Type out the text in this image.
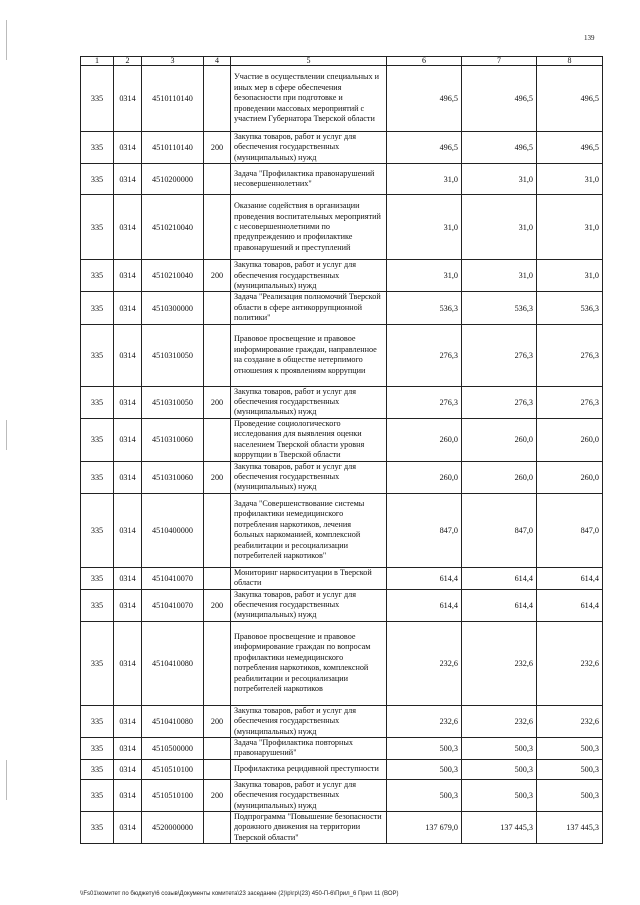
139
1	2	3	4	5	6	7	8
335	0314	4510110140		Участие в осуществлении специальных и иных мер в сфере обеспечения безопасности при подготовке и проведении массовых мероприятий с участием Губернатора Тверской области	496,5	496,5	496,5
335	0314	4510110140	200	Закупка товаров, работ и услуг для обеспечения государственных (муниципальных) нужд	496,5	496,5	496,5
335	0314	4510200000		Задача "Профилактика правонарушений несовершеннолетних"	31,0	31,0	31,0
335	0314	4510210040		Оказание содействия в организации проведения воспитательных мероприятий с несовершеннолетними по предупреждению и профилактике правонарушений и преступлений	31,0	31,0	31,0
335	0314	4510210040	200	Закупка товаров, работ и услуг для обеспечения государственных (муниципальных) нужд	31,0	31,0	31,0
335	0314	4510300000		Задача "Реализация полномочий Тверской области в сфере антикоррупционной политики"	536,3	536,3	536,3
335	0314	4510310050		Правовое просвещение и правовое информирование граждан, направленное на создание в обществе нетерпимого отношения к проявлениям коррупции	276,3	276,3	276,3
335	0314	4510310050	200	Закупка товаров, работ и услуг для обеспечения государственных (муниципальных) нужд	276,3	276,3	276,3
335	0314	4510310060		Проведение социологического исследования для выявления оценки населением Тверской области уровня коррупции в Тверской области	260,0	260,0	260,0
335	0314	4510310060	200	Закупка товаров, работ и услуг для обеспечения государственных (муниципальных) нужд	260,0	260,0	260,0
335	0314	4510400000		Задача "Совершенствование системы профилактики немедицинского потребления наркотиков, лечения больных наркоманией, комплексной реабилитации и ресоциализации потребителей наркотиков"	847,0	847,0	847,0
335	0314	4510410070		Мониторинг наркоситуации в Тверской области	614,4	614,4	614,4
335	0314	4510410070	200	Закупка товаров, работ и услуг для обеспечения государственных (муниципальных) нужд	614,4	614,4	614,4
335	0314	4510410080		Правовое просвещение и правовое информирование граждан по вопросам профилактики немедицинского потребления наркотиков, комплексной реабилитации и ресоциализации потребителей наркотиков	232,6	232,6	232,6
335	0314	4510410080	200	Закупка товаров, работ и услуг для обеспечения государственных (муниципальных) нужд	232,6	232,6	232,6
335	0314	4510500000		Задача "Профилактика повторных правонарушений"	500,3	500,3	500,3
335	0314	4510510100		Профилактика рецидивной преступности	500,3	500,3	500,3
335	0314	4510510100	200	Закупка товаров, работ и услуг для обеспечения государственных (муниципальных) нужд	500,3	500,3	500,3
335	0314	4520000000		Подпрограмма "Повышение безопасности дорожного движения на территории Тверской области"	137 679,0	137 445,3	137 445,3
\\Fs01\комитет по бюджету\6 созыв\Документы комитета\23 заседание (2)\р\гр\(23) 450-П-6\Прил_6 Прил 11 (ВОР)
